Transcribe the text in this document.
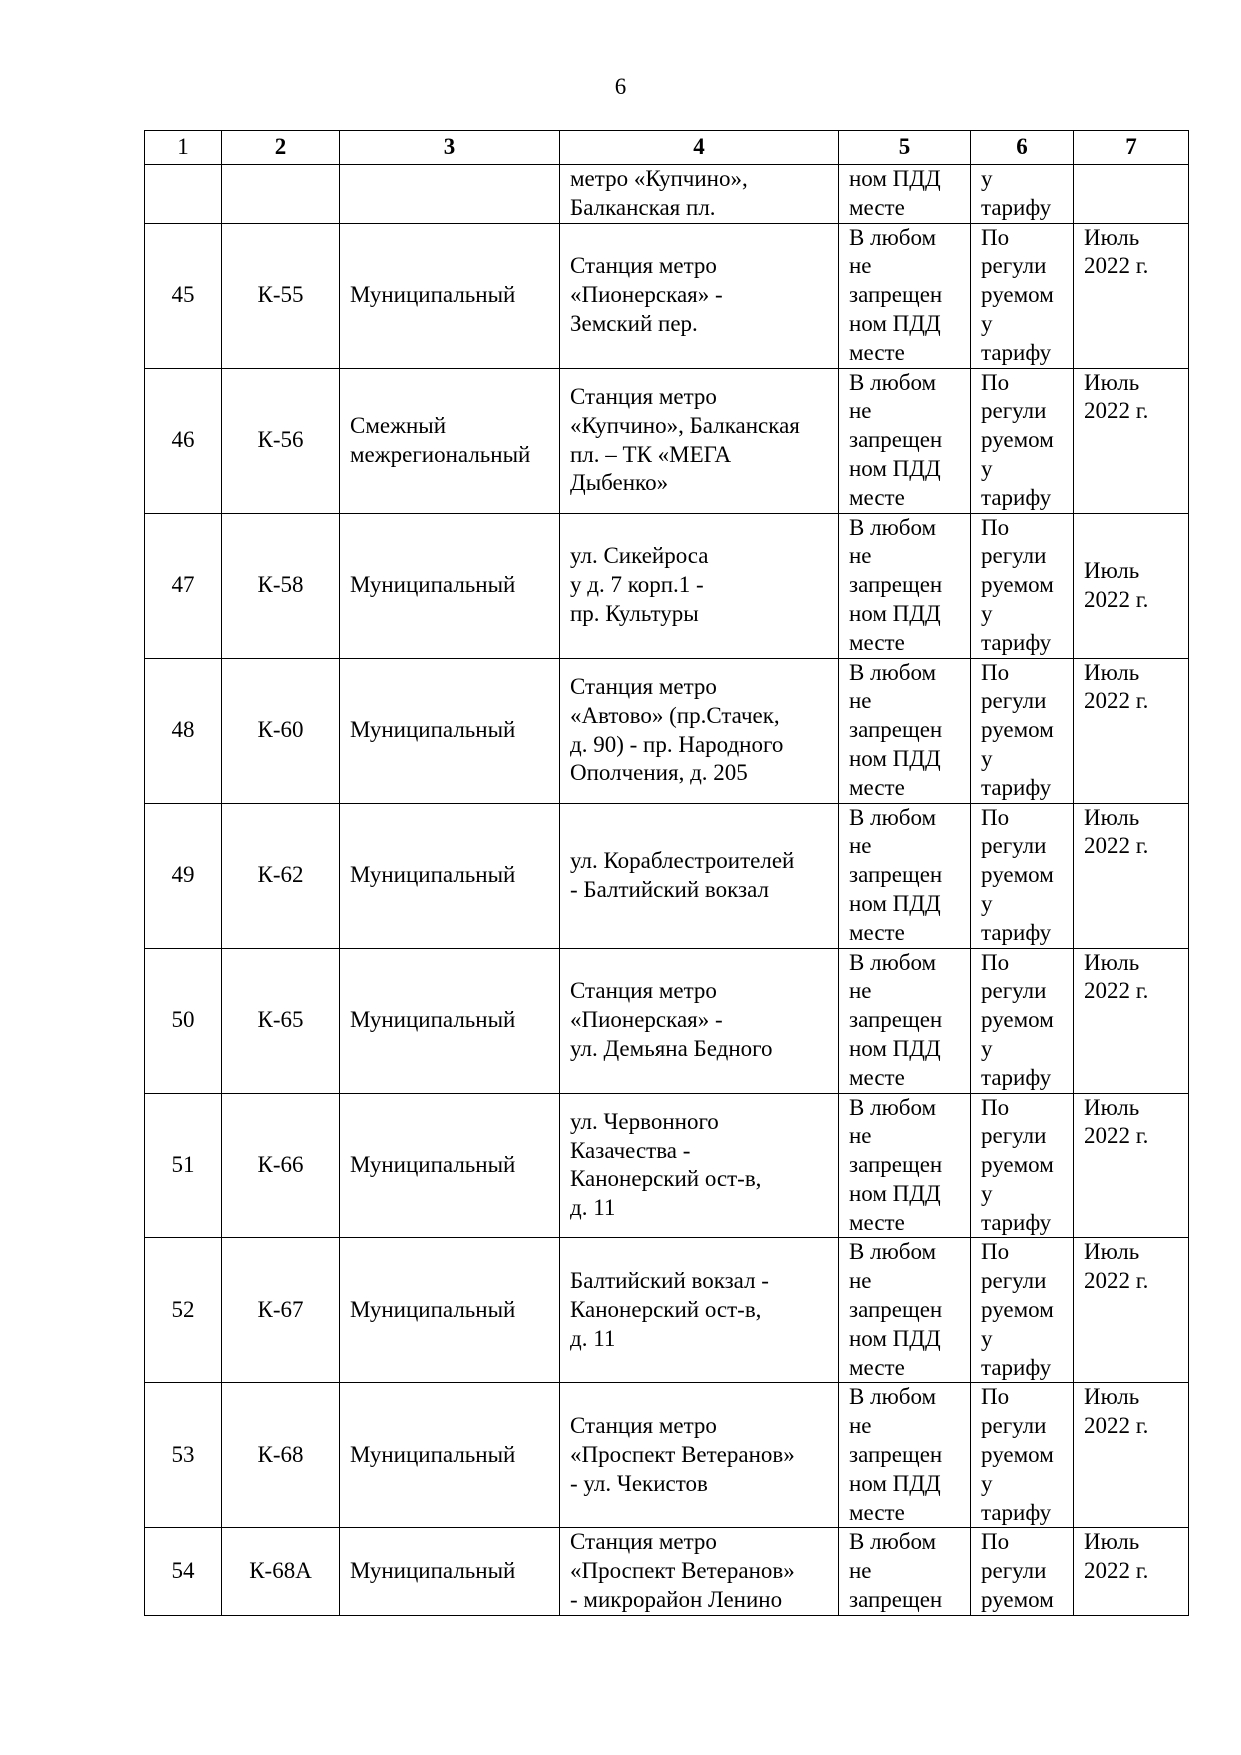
6
1	2	3	4	5	6	7
			метро «Купчино»,
Балканская пл.	ном ПДД
месте	у
тарифу	
45	К-55	Муниципальный	Станция метро
«Пионерская» -
Земский пер.	В любом
не
запрещен
ном ПДД
месте	По
регули
руемом
у
тарифу	Июль
2022 г.
46	К-56	Смежный
межрегиональный	Станция метро
«Купчино», Балканская
пл. – ТК «МЕГА
Дыбенко»	В любом
не
запрещен
ном ПДД
месте	По
регули
руемом
у
тарифу	Июль
2022 г.
47	К-58	Муниципальный	ул. Сикейроса
у д. 7 корп.1 -
пр. Культуры	В любом
не
запрещен
ном ПДД
месте	По
регули
руемом
у
тарифу	Июль
2022 г.
48	К-60	Муниципальный	Станция метро
«Автово» (пр.Стачек,
д. 90) - пр. Народного
Ополчения, д. 205	В любом
не
запрещен
ном ПДД
месте	По
регули
руемом
у
тарифу	Июль
2022 г.
49	К-62	Муниципальный	ул. Кораблестроителей
- Балтийский вокзал	В любом
не
запрещен
ном ПДД
месте	По
регули
руемом
у
тарифу	Июль
2022 г.
50	К-65	Муниципальный	Станция метро
«Пионерская» -
ул. Демьяна Бедного	В любом
не
запрещен
ном ПДД
месте	По
регули
руемом
у
тарифу	Июль
2022 г.
51	К-66	Муниципальный	ул. Червонного
Казачества -
Канонерский ост-в,
д. 11	В любом
не
запрещен
ном ПДД
месте	По
регули
руемом
у
тарифу	Июль
2022 г.
52	К-67	Муниципальный	Балтийский вокзал -
Канонерский ост-в,
д. 11	В любом
не
запрещен
ном ПДД
месте	По
регули
руемом
у
тарифу	Июль
2022 г.
53	К-68	Муниципальный	Станция метро
«Проспект Ветеранов»
- ул. Чекистов	В любом
не
запрещен
ном ПДД
месте	По
регули
руемом
у
тарифу	Июль
2022 г.
54	К-68А	Муниципальный	Станция метро
«Проспект Ветеранов»
- микрорайон Ленино	В любом
не
запрещен	По
регули
руемом	Июль
2022 г.
